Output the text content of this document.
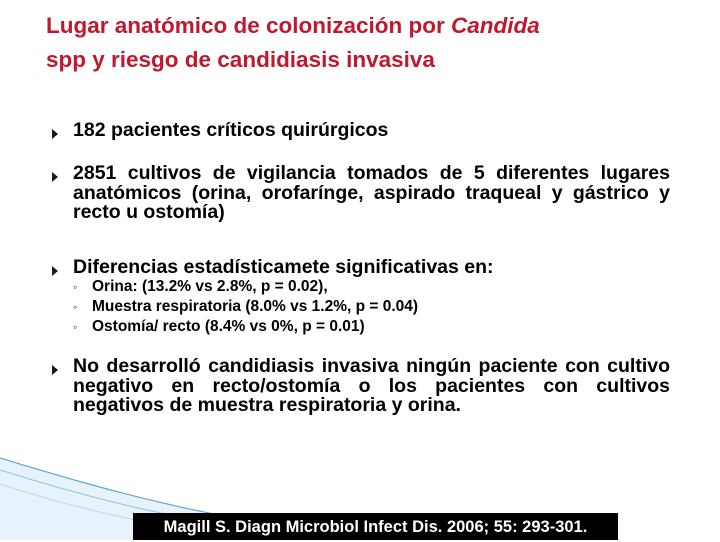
Lugar anatómico de colonización por Candida
spp y riesgo de candidiasis invasiva
182 pacientes críticos quirúrgicos
2851 cultivos de vigilancia tomados de 5 diferentes lugares anatómicos (orina, orofarínge, aspirado traqueal y gástrico y recto u ostomía)
Diferencias estadísticamete significativas en:
◦ Orina: (13.2% vs 2.8%, p = 0.02),
◦ Muestra respiratoria (8.0% vs 1.2%, p = 0.04)
◦ Ostomía/ recto (8.4% vs 0%, p = 0.01)
No desarrolló candidiasis invasiva ningún paciente con cultivo negativo en recto/ostomía o los pacientes con cultivos negativos de muestra respiratoria y orina.
Magill S. Diagn Microbiol Infect Dis. 2006; 55: 293-301.
